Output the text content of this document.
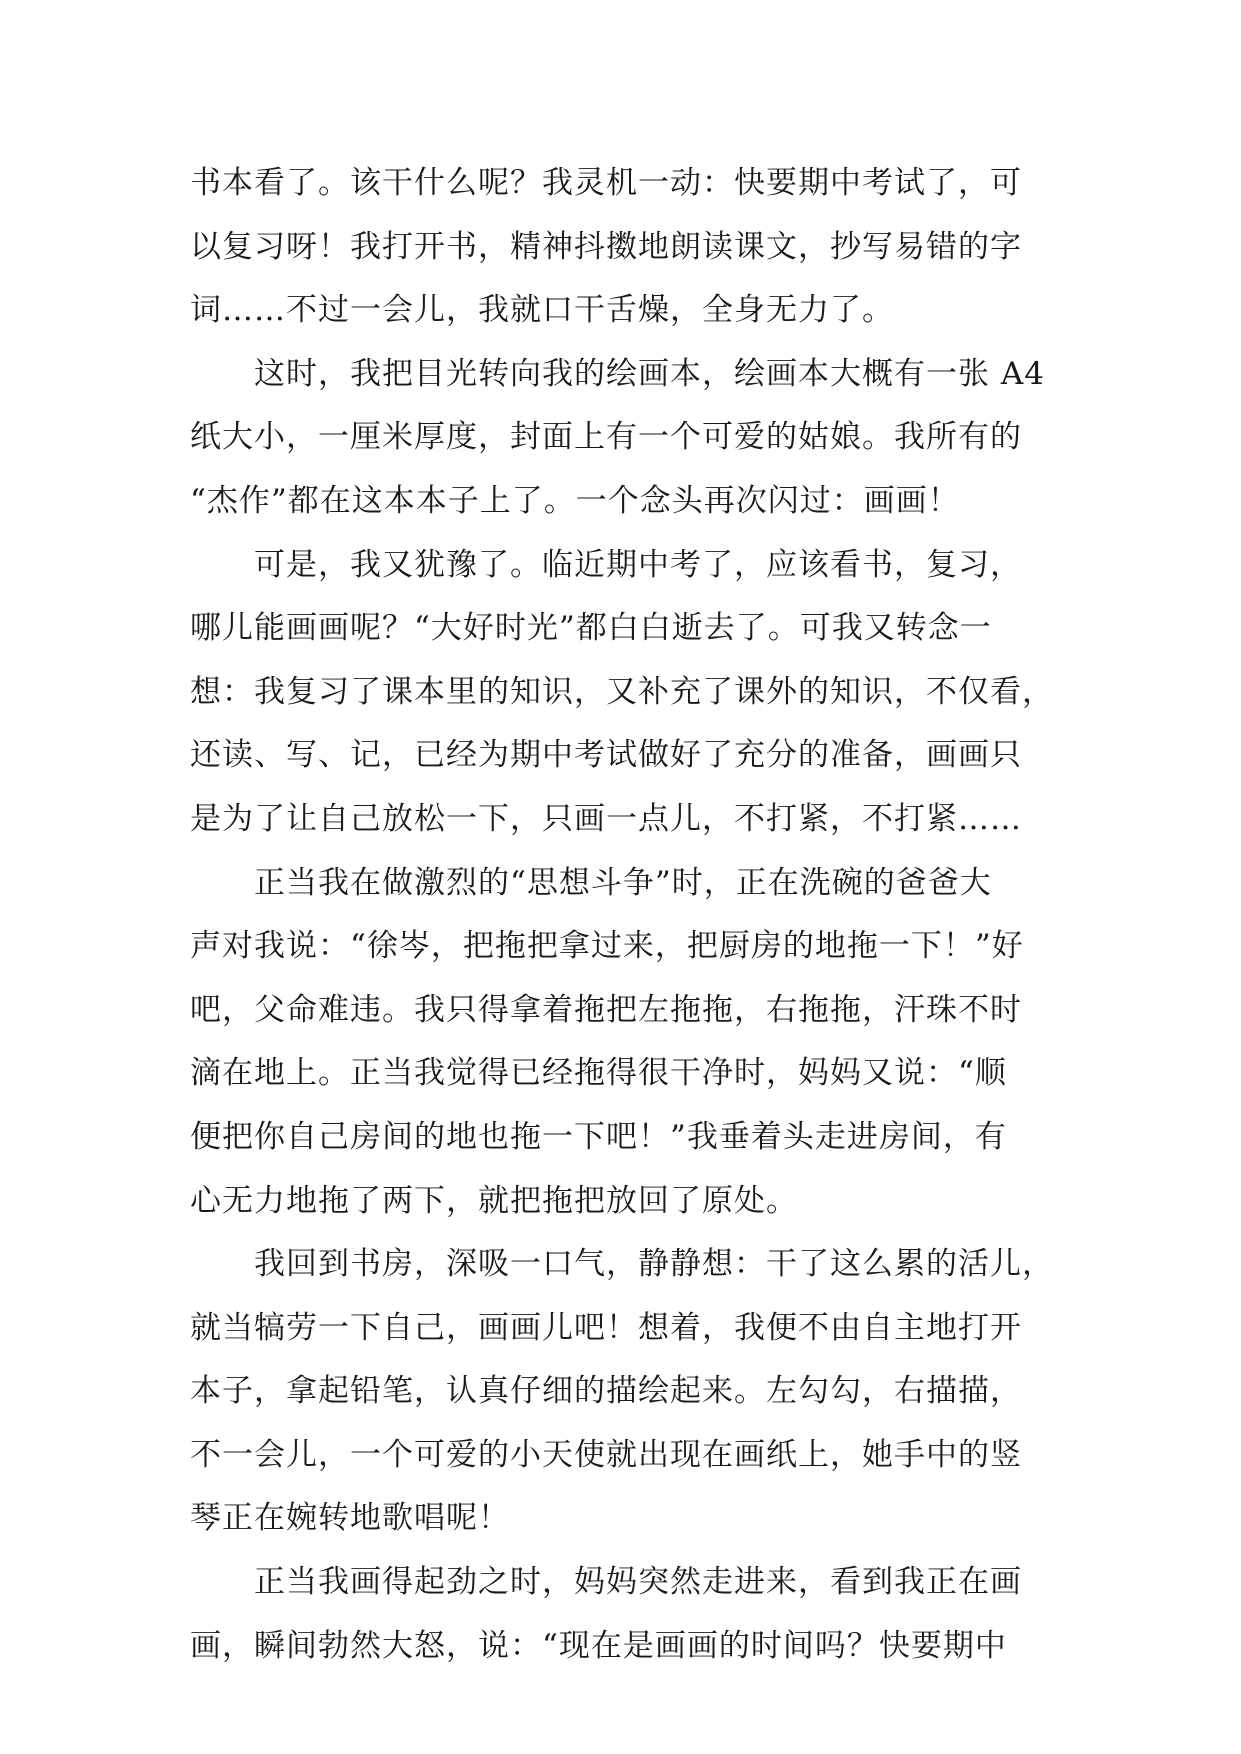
书本看了。该干什么呢？我灵机一动：快要期中考试了，可
以复习呀！我打开书，精神抖擞地朗读课文，抄写易错的字
词……不过一会儿，我就口干舌燥，全身无力了。
这时，我把目光转向我的绘画本，绘画本大概有一张 A4
纸大小，一厘米厚度，封面上有一个可爱的姑娘。我所有的
“杰作”都在这本本子上了。一个念头再次闪过：画画！
可是，我又犹豫了。临近期中考了，应该看书，复习，
哪儿能画画呢？“大好时光”都白白逝去了。可我又转念一
想：我复习了课本里的知识，又补充了课外的知识，不仅看，
还读、写、记，已经为期中考试做好了充分的准备，画画只
是为了让自己放松一下，只画一点儿，不打紧，不打紧……
正当我在做激烈的“思想斗争”时，正在洗碗的爸爸大
声对我说：“徐岑，把拖把拿过来，把厨房的地拖一下！”好
吧，父命难违。我只得拿着拖把左拖拖，右拖拖，汗珠不时
滴在地上。正当我觉得已经拖得很干净时，妈妈又说：“顺
便把你自己房间的地也拖一下吧！”我垂着头走进房间，有
心无力地拖了两下，就把拖把放回了原处。
我回到书房，深吸一口气，静静想：干了这么累的活儿，
就当犒劳一下自己，画画儿吧！想着，我便不由自主地打开
本子，拿起铅笔，认真仔细的描绘起来。左勾勾，右描描，
不一会儿，一个可爱的小天使就出现在画纸上，她手中的竖
琴正在婉转地歌唱呢！
正当我画得起劲之时，妈妈突然走进来，看到我正在画
画，瞬间勃然大怒，说：“现在是画画的时间吗？快要期中
